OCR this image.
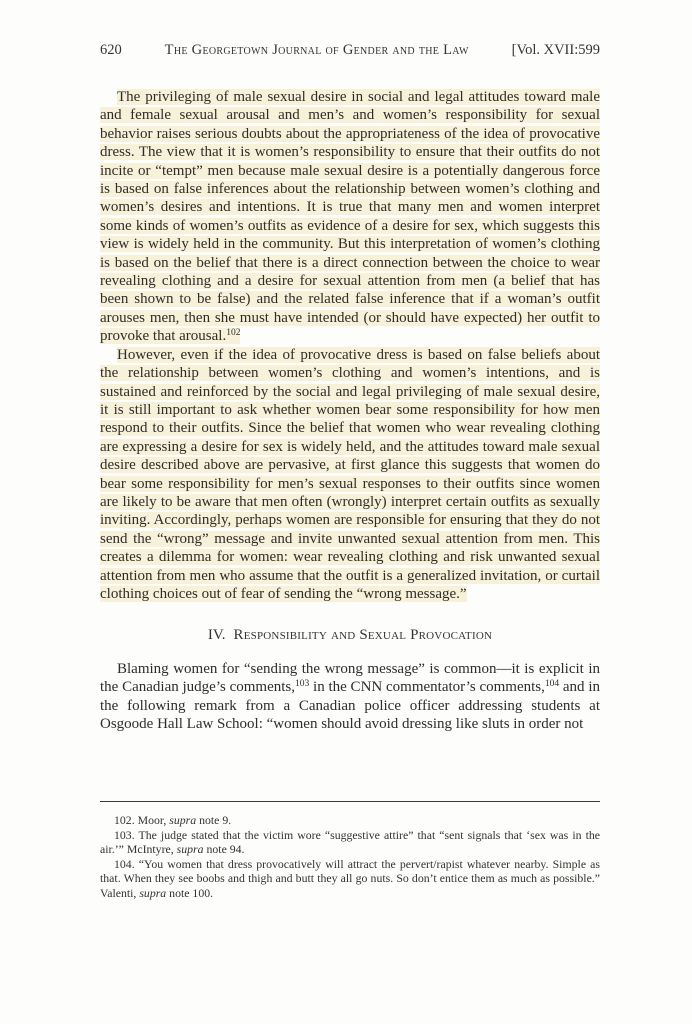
620	The Georgetown Journal of Gender and the Law	[Vol. XVII:599

The privileging of male sexual desire in social and legal attitudes toward male and female sexual arousal and men’s and women’s responsibility for sexual behavior raises serious doubts about the appropriateness of the idea of provocative dress. The view that it is women’s responsibility to ensure that their outfits do not incite or “tempt” men because male sexual desire is a potentially dangerous force is based on false inferences about the relationship between women’s clothing and women’s desires and intentions. It is true that many men and women interpret some kinds of women’s outfits as evidence of a desire for sex, which suggests this view is widely held in the community. But this interpretation of women’s clothing is based on the belief that there is a direct connection between the choice to wear revealing clothing and a desire for sexual attention from men (a belief that has been shown to be false) and the related false inference that if a woman’s outfit arouses men, then she must have intended (or should have expected) her outfit to provoke that arousal.$^{102}$

However, even if the idea of provocative dress is based on false beliefs about the relationship between women’s clothing and women’s intentions, and is sustained and reinforced by the social and legal privileging of male sexual desire, it is still important to ask whether women bear some responsibility for how men respond to their outfits. Since the belief that women who wear revealing clothing are expressing a desire for sex is widely held, and the attitudes toward male sexual desire described above are pervasive, at first glance this suggests that women do bear some responsibility for men’s sexual responses to their outfits since women are likely to be aware that men often (wrongly) interpret certain outfits as sexually inviting. Accordingly, perhaps women are responsible for ensuring that they do not send the “wrong” message and invite unwanted sexual attention from men. This creates a dilemma for women: wear revealing clothing and risk unwanted sexual attention from men who assume that the outfit is a generalized invitation, or curtail clothing choices out of fear of sending the “wrong message.”

IV. Responsibility and Sexual Provocation

Blaming women for “sending the wrong message” is common—it is explicit in the Canadian judge’s comments,$^{103}$ in the CNN commentator’s comments,$^{104}$ and in the following remark from a Canadian police officer addressing students at Osgoode Hall Law School: “women should avoid dressing like sluts in order not

102. Moor, supra note 9.

103. The judge stated that the victim wore “suggestive attire” that “sent signals that ‘sex was in the air.’” McIntyre, supra note 94.

104. “You women that dress provocatively will attract the pervert/rapist whatever nearby. Simple as that. When they see boobs and thigh and butt they all go nuts. So don’t entice them as much as possible.” Valenti, supra note 100.
